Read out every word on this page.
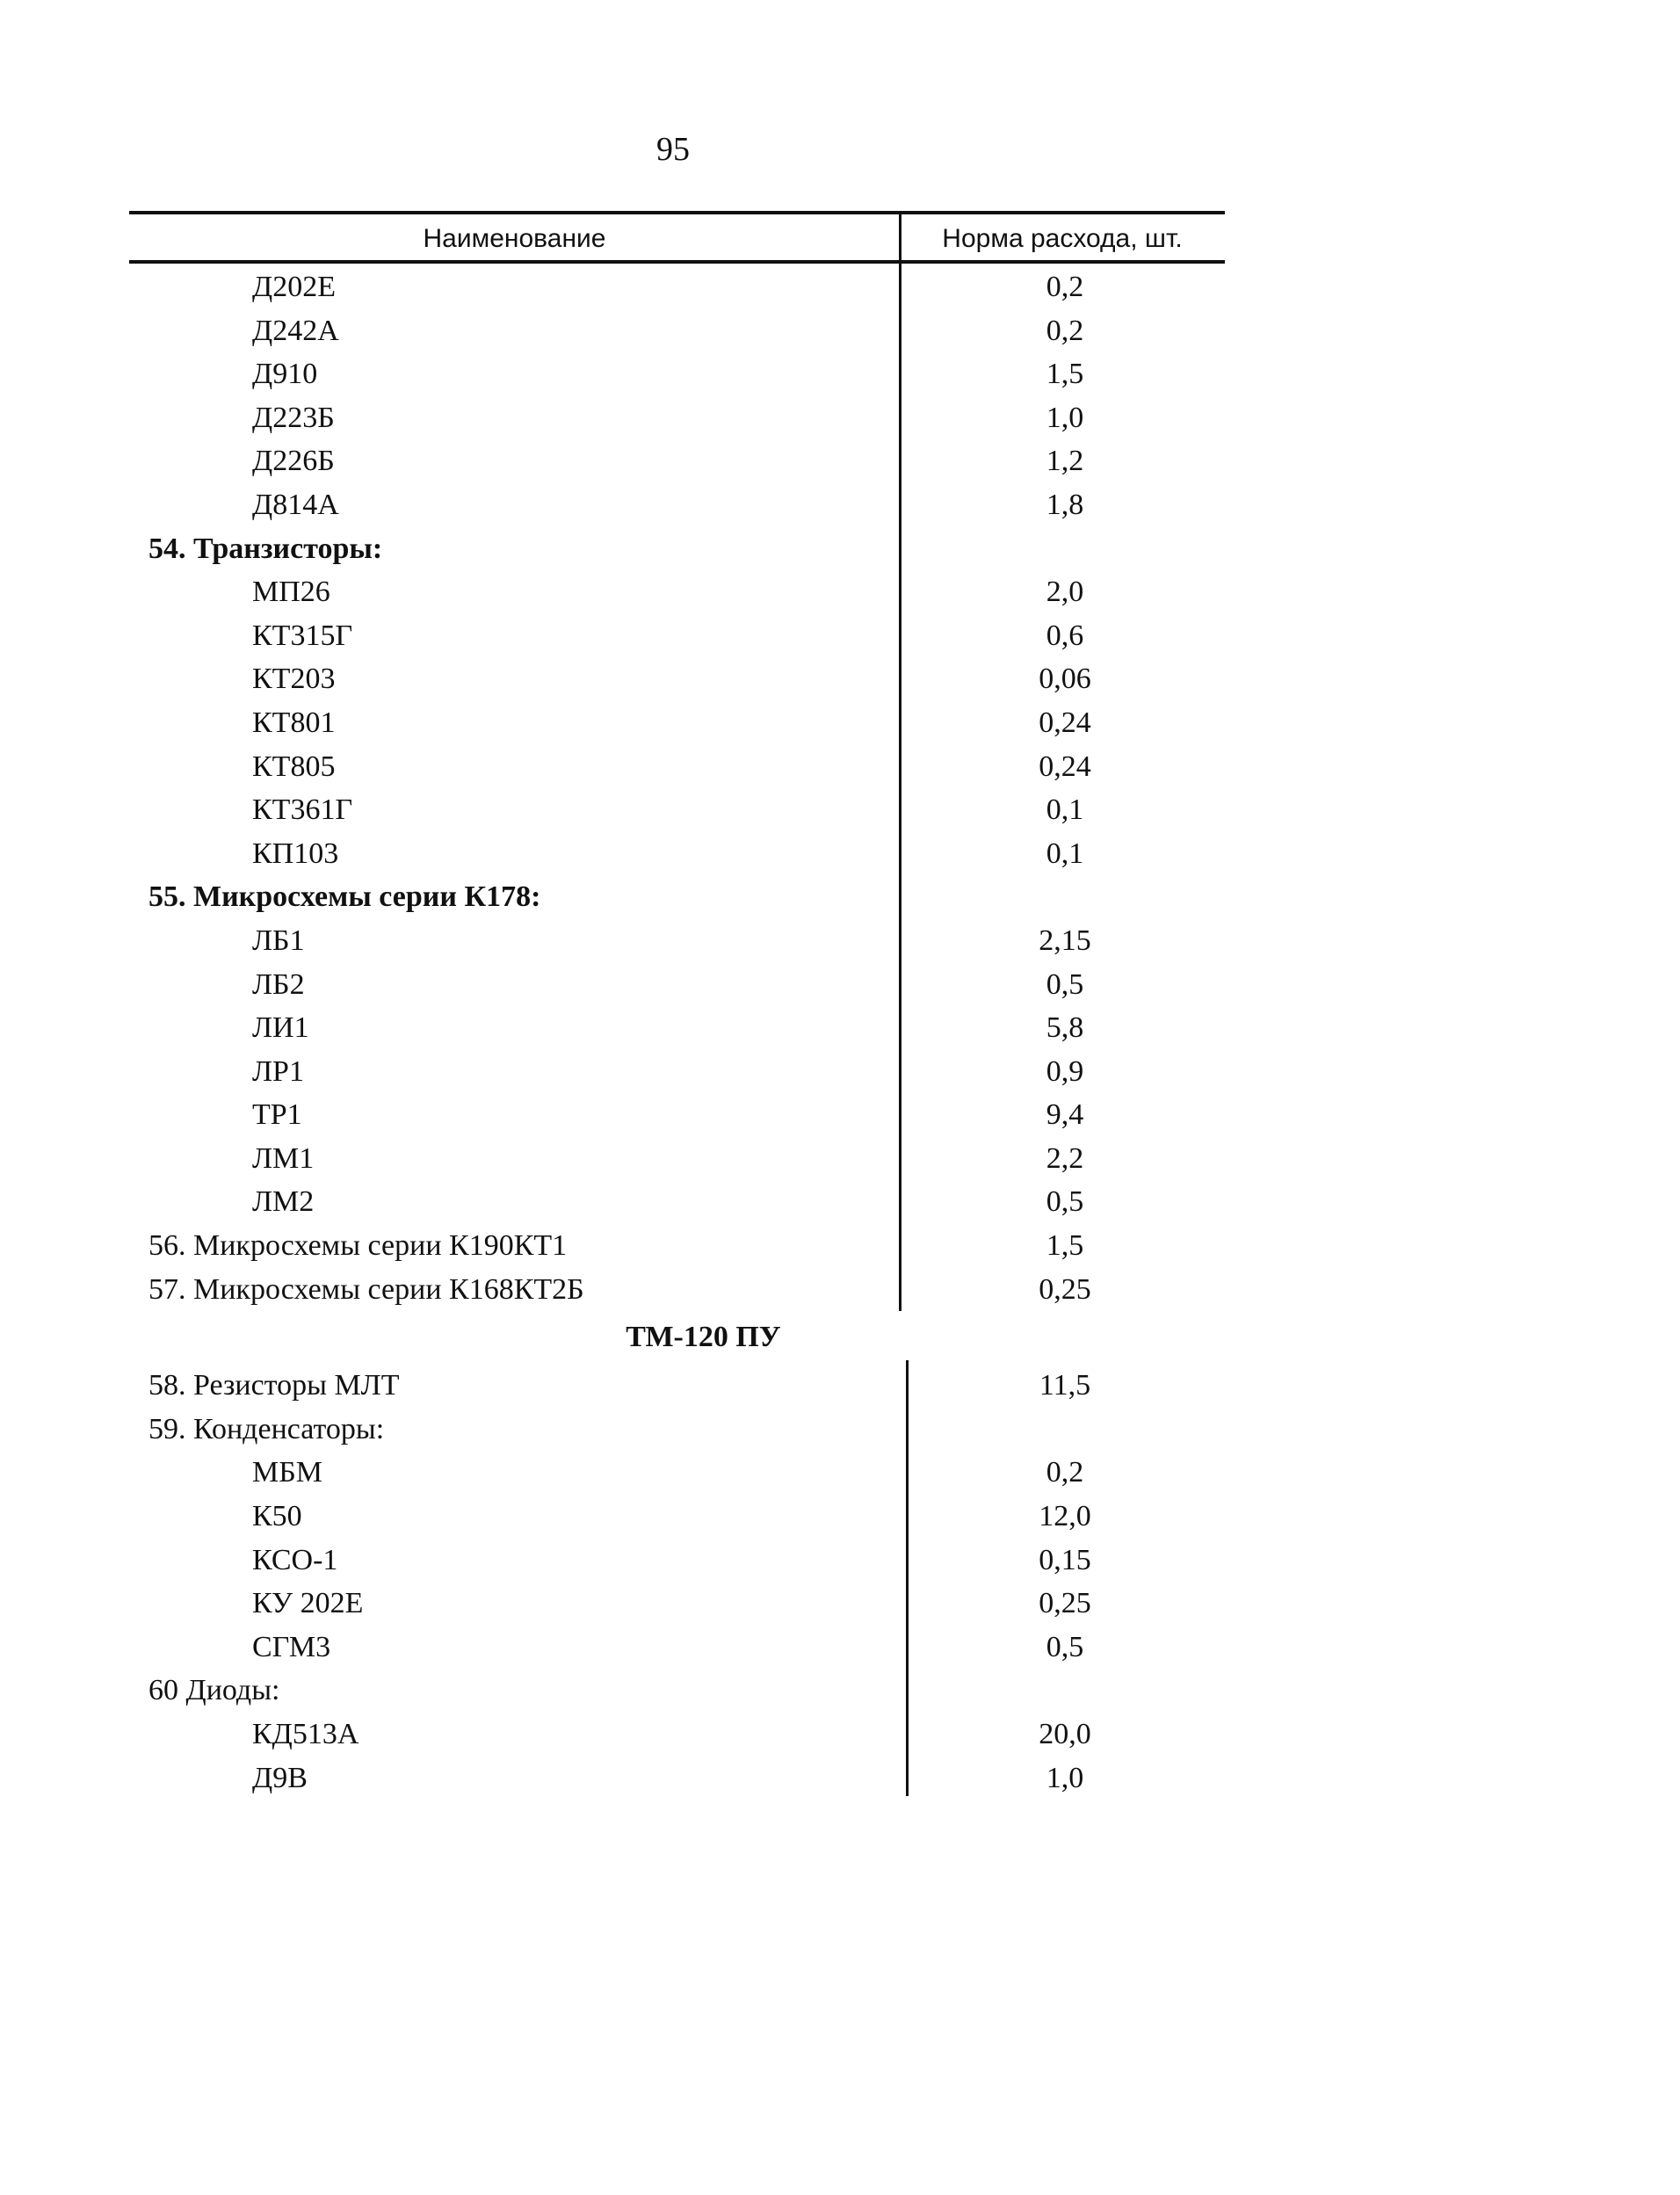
95
Наименование	Норма расхода, шт.
Д202Е	0,2
Д242А	0,2
Д910	1,5
Д223Б	1,0
Д226Б	1,2
Д814А	1,8
54. Транзисторы:
МП26	2,0
КТ315Г	0,6
КТ203	0,06
КТ801	0,24
КТ805	0,24
КТ361Г	0,1
КП103	0,1
55. Микросхемы серии К178:
ЛБ1	2,15
ЛБ2	0,5
ЛИ1	5,8
ЛР1	0,9
ТР1	9,4
ЛМ1	2,2
ЛМ2	0,5
56. Микросхемы серии К190КТ1	1,5
57. Микросхемы серии К168КТ2Б	0,25
ТМ-120 ПУ
58. Резисторы МЛТ	11,5
59. Конденсаторы:
МБМ	0,2
К50	12,0
КСО-1	0,15
КУ 202Е	0,25
СГМ3	0,5
60 Диоды:
КД513А	20,0
Д9В	1,0
